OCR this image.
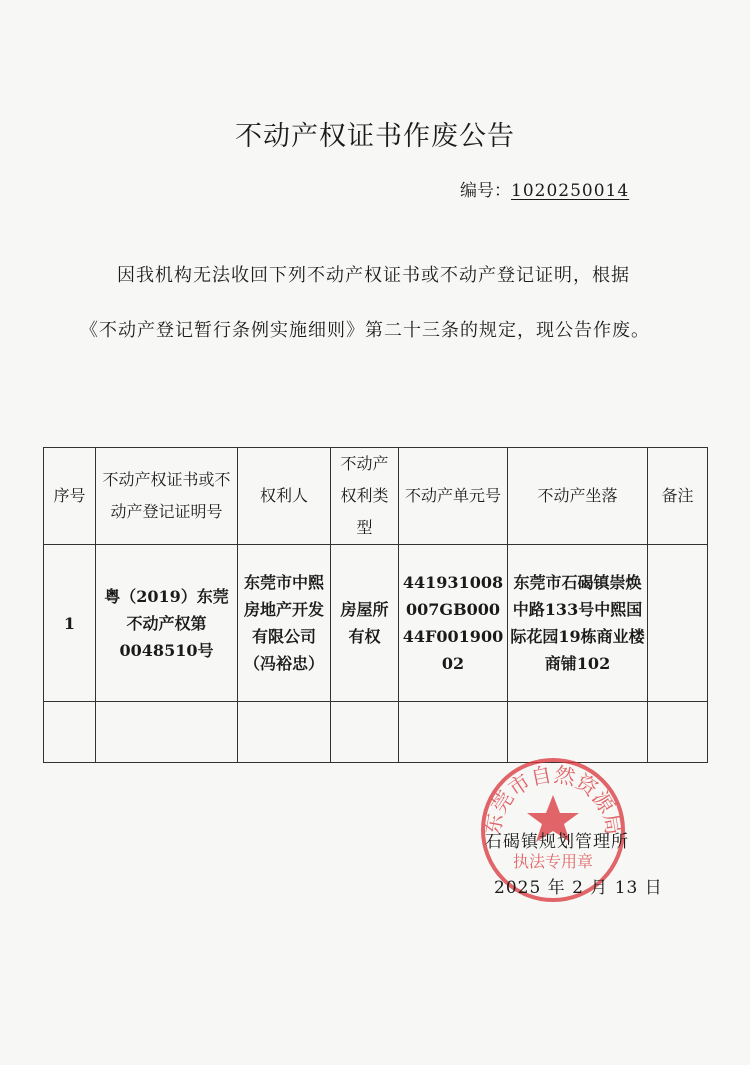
不动产权证书作废公告
编号：1020250014
因我机构无法收回下列不动产权证书或不动产登记证明，根据《不动产登记暂行条例实施细则》第二十三条的规定，现公告作废。
序号	不动产权证书或不动产登记证明号	权利人	不动产权利类型	不动产单元号	不动产坐落	备注
1	粤（2019）东莞不动产权第0048510号	东莞市中熙房地产开发有限公司（冯裕忠）	房屋所有权	441931008007GB00044F00190002	东莞市石碣镇崇焕中路133号中熙国际花园19栋商业楼商铺102	

东莞市自然资源局
执法专用章
石碣镇规划管理所
2025 年 2 月 13 日
